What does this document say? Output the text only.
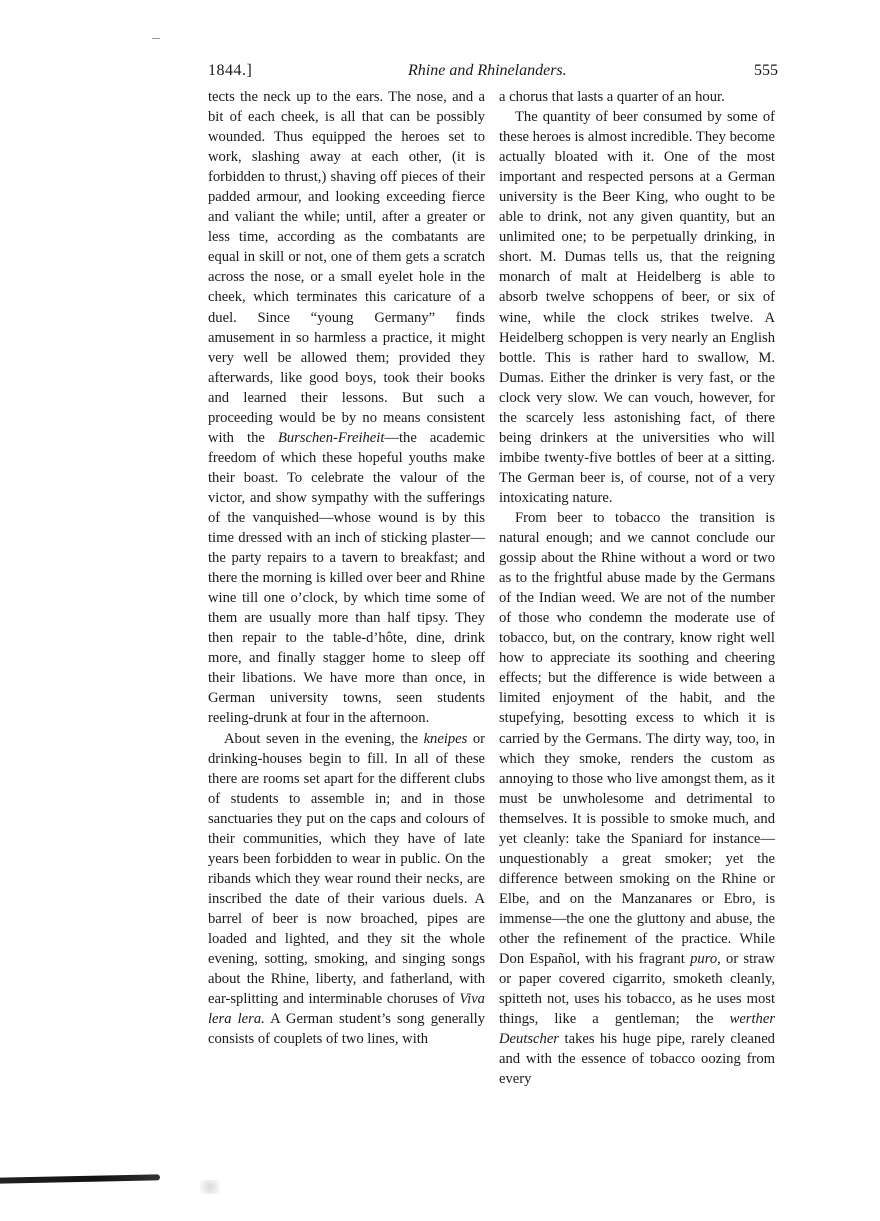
1844.]	Rhine and Rhinelanders.	555

tects the neck up to the ears. The nose, and a bit of each cheek, is all that can be possibly wounded. Thus equipped the heroes set to work, slashing away at each other, (it is forbidden to thrust,) shaving off pieces of their padded armour, and looking exceeding fierce and valiant the while; until, after a greater or less time, according as the combatants are equal in skill or not, one of them gets a scratch across the nose, or a small eyelet hole in the cheek, which terminates this caricature of a duel. Since “young Germany” finds amusement in so harmless a practice, it might very well be allowed them; provided they afterwards, like good boys, took their books and learned their lessons. But such a proceeding would be by no means consistent with the Burschen-Freiheit—the academic freedom of which these hopeful youths make their boast. To celebrate the valour of the victor, and show sympathy with the sufferings of the vanquished—whose wound is by this time dressed with an inch of sticking plaster—the party repairs to a tavern to breakfast; and there the morning is killed over beer and Rhine wine till one o’clock, by which time some of them are usually more than half tipsy. They then repair to the table-d’hôte, dine, drink more, and finally stagger home to sleep off their libations. We have more than once, in German university towns, seen students reeling-drunk at four in the afternoon.

About seven in the evening, the kneipes or drinking-houses begin to fill. In all of these there are rooms set apart for the different clubs of students to assemble in; and in those sanctuaries they put on the caps and colours of their communities, which they have of late years been forbidden to wear in public. On the ribands which they wear round their necks, are inscribed the date of their various duels. A barrel of beer is now broached, pipes are loaded and lighted, and they sit the whole evening, sotting, smoking, and singing songs about the Rhine, liberty, and fatherland, with ear-splitting and interminable choruses of Viva lera lera. A German student’s song generally consists of couplets of two lines, with

a chorus that lasts a quarter of an hour.

The quantity of beer consumed by some of these heroes is almost incredible. They become actually bloated with it. One of the most important and respected persons at a German university is the Beer King, who ought to be able to drink, not any given quantity, but an unlimited one; to be perpetually drinking, in short. M. Dumas tells us, that the reigning monarch of malt at Heidelberg is able to absorb twelve schoppens of beer, or six of wine, while the clock strikes twelve. A Heidelberg schoppen is very nearly an English bottle. This is rather hard to swallow, M. Dumas. Either the drinker is very fast, or the clock very slow. We can vouch, however, for the scarcely less astonishing fact, of there being drinkers at the universities who will imbibe twenty-five bottles of beer at a sitting. The German beer is, of course, not of a very intoxicating nature.

From beer to tobacco the transition is natural enough; and we cannot conclude our gossip about the Rhine without a word or two as to the frightful abuse made by the Germans of the Indian weed. We are not of the number of those who condemn the moderate use of tobacco, but, on the contrary, know right well how to appreciate its soothing and cheering effects; but the difference is wide between a limited enjoyment of the habit, and the stupefying, besotting excess to which it is carried by the Germans. The dirty way, too, in which they smoke, renders the custom as annoying to those who live amongst them, as it must be unwholesome and detrimental to themselves. It is possible to smoke much, and yet cleanly: take the Spaniard for instance—unquestionably a great smoker; yet the difference between smoking on the Rhine or Elbe, and on the Manzanares or Ebro, is immense—the one the gluttony and abuse, the other the refinement of the practice. While Don Español, with his fragrant puro, or straw or paper covered cigarrito, smoketh cleanly, spitteth not, uses his tobacco, as he uses most things, like a gentleman; the werther Deutscher takes his huge pipe, rarely cleaned and with the essence of tobacco oozing from every
